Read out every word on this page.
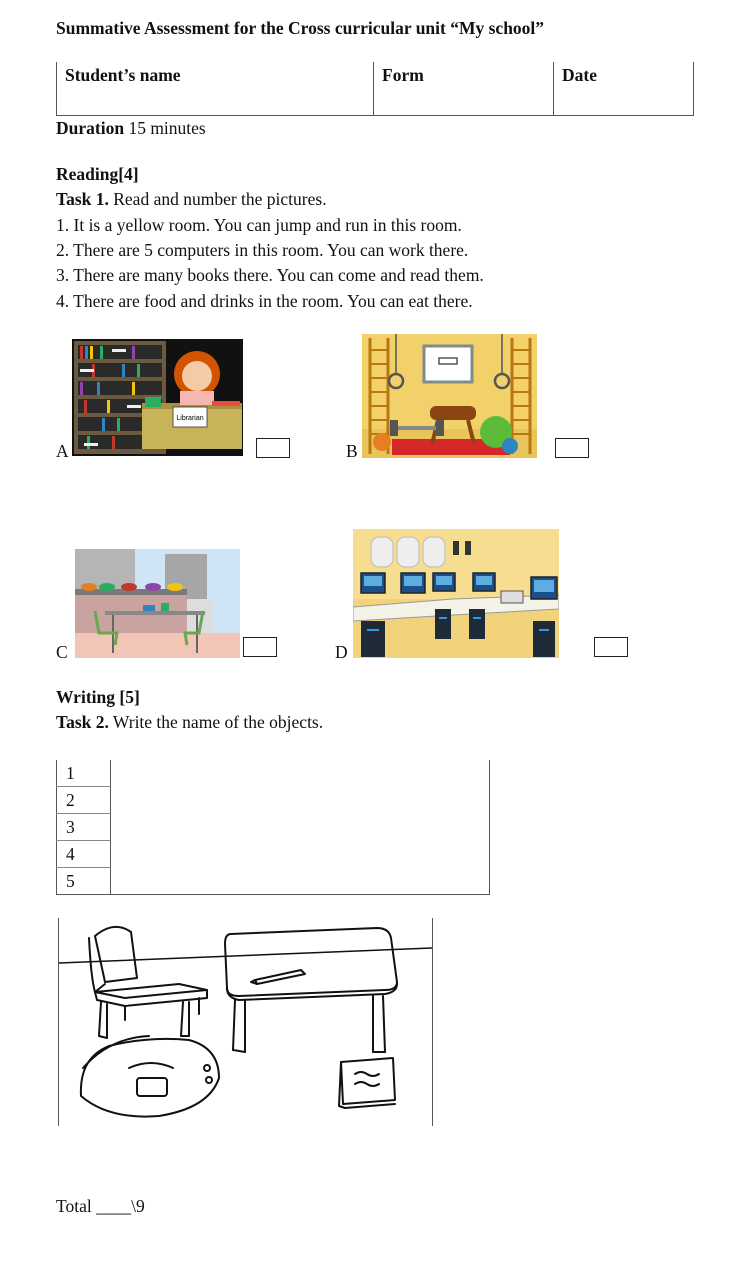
Summative Assessment for the Cross curricular unit “My school”
Student’s name	Form	Date
Duration 15 minutes
Reading[4]
Task 1. Read and number the pictures.
1. It is a yellow room. You can jump and run in this room.
2. There are 5 computers in this room. You can work there.
3. There are many books there. You can come and read them.
4. There are food and drinks in the room. You can eat there.
A
Librarian
B
C	D
Writing [5]
Task 2. Write the name of the objects.
1	
2	
3	
4	
5	
Total ____\9
